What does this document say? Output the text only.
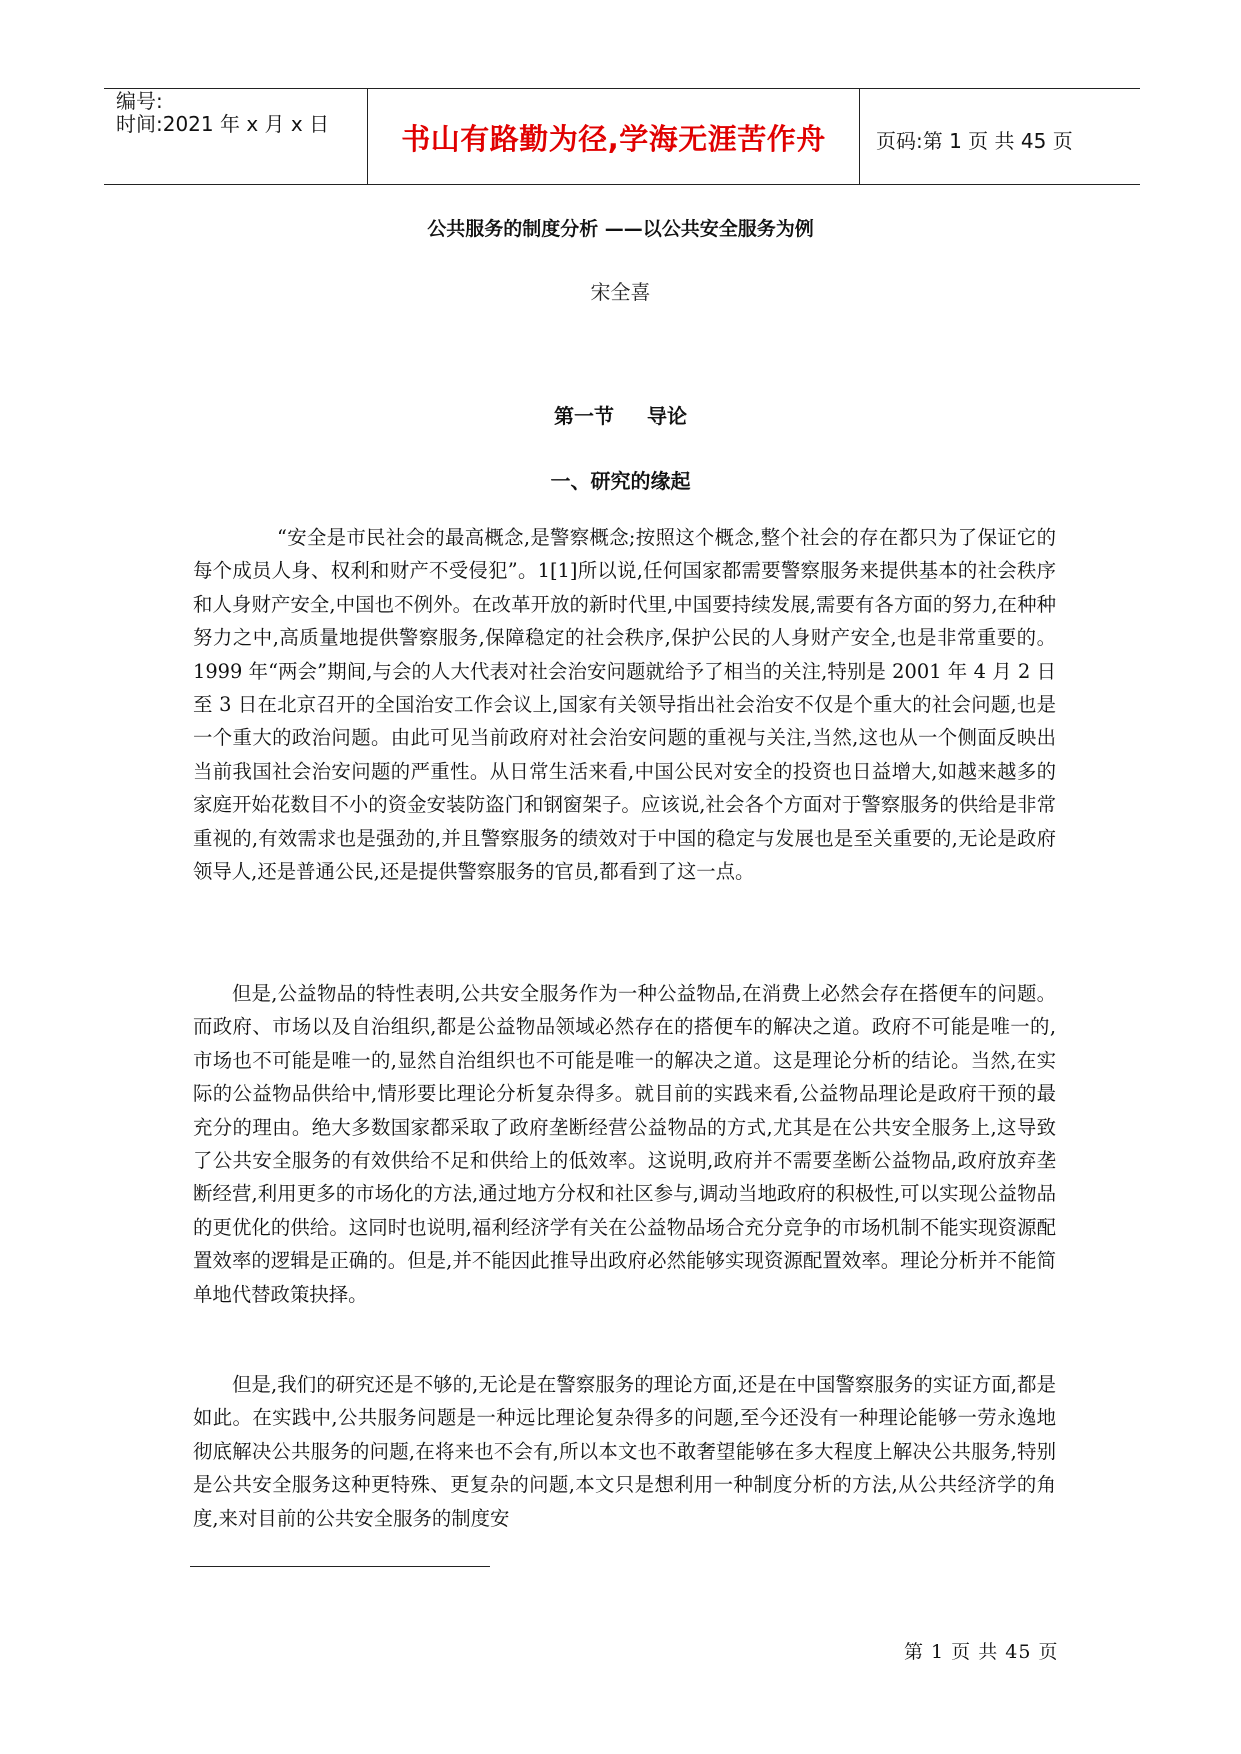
编号:
时间:2021 年 x 月 x 日	书山有路勤为径,学海无涯苦作舟	页码:第 1 页 共 45 页
公共服务的制度分析 ——以公共安全服务为例
宋全喜
第一节 导论
一、研究的缘起

“安全是市民社会的最高概念,是警察概念;按照这个概念,整个社会的存在都只为了保证它的每个成员人身、权利和财产不受侵犯”。1[1]所以说,任何国家都需要警察服务来提供基本的社会秩序和人身财产安全,中国也不例外。在改革开放的新时代里,中国要持续发展,需要有各方面的努力,在种种努力之中,高质量地提供警察服务,保障稳定的社会秩序,保护公民的人身财产安全,也是非常重要的。1999 年“两会”期间,与会的人大代表对社会治安问题就给予了相当的关注,特别是 2001 年 4 月 2 日至 3 日在北京召开的全国治安工作会议上,国家有关领导指出社会治安不仅是个重大的社会问题,也是一个重大的政治问题。由此可见当前政府对社会治安问题的重视与关注,当然,这也从一个侧面反映出当前我国社会治安问题的严重性。从日常生活来看,中国公民对安全的投资也日益增大,如越来越多的家庭开始花数目不小的资金安装防盗门和钢窗架子。应该说,社会各个方面对于警察服务的供给是非常重视的,有效需求也是强劲的,并且警察服务的绩效对于中国的稳定与发展也是至关重要的,无论是政府领导人,还是普通公民,还是提供警察服务的官员,都看到了这一点。

但是,公益物品的特性表明,公共安全服务作为一种公益物品,在消费上必然会存在搭便车的问题。而政府、市场以及自治组织,都是公益物品领域必然存在的搭便车的解决之道。政府不可能是唯一的,市场也不可能是唯一的,显然自治组织也不可能是唯一的解决之道。这是理论分析的结论。当然,在实际的公益物品供给中,情形要比理论分析复杂得多。就目前的实践来看,公益物品理论是政府干预的最充分的理由。绝大多数国家都采取了政府垄断经营公益物品的方式,尤其是在公共安全服务上,这导致了公共安全服务的有效供给不足和供给上的低效率。这说明,政府并不需要垄断公益物品,政府放弃垄断经营,利用更多的市场化的方法,通过地方分权和社区参与,调动当地政府的积极性,可以实现公益物品的更优化的供给。这同时也说明,福利经济学有关在公益物品场合充分竞争的市场机制不能实现资源配置效率的逻辑是正确的。但是,并不能因此推导出政府必然能够实现资源配置效率。理论分析并不能简单地代替政策抉择。

但是,我们的研究还是不够的,无论是在警察服务的理论方面,还是在中国警察服务的实证方面,都是如此。在实践中,公共服务问题是一种远比理论复杂得多的问题,至今还没有一种理论能够一劳永逸地彻底解决公共服务的问题,在将来也不会有,所以本文也不敢奢望能够在多大程度上解决公共服务,特别是公共安全服务这种更特殊、更复杂的问题,本文只是想利用一种制度分析的方法,从公共经济学的角度,来对目前的公共安全服务的制度安

第 1 页 共 45 页
